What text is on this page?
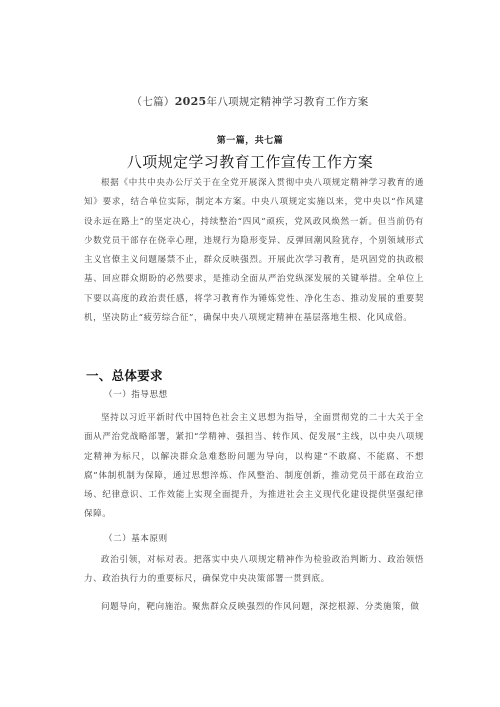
（七篇）2025年八项规定精神学习教育工作方案
第一篇，共七篇
八项规定学习教育工作宣传工作方案

根据《中共中央办公厅关于在全党开展深入贯彻中央八项规定精神学习教育的通知》要求，结合单位实际，制定本方案。中央八项规定实施以来，党中央以“作风建设永远在路上”的坚定决心，持续整治“四风”顽疾，党风政风焕然一新。但当前仍有少数党员干部存在侥幸心理，违规行为隐形变异、反弹回潮风险犹存，个别领域形式主义官僚主义问题屡禁不止，群众反映强烈。开展此次学习教育，是巩固党的执政根基、回应群众期盼的必然要求，是推动全面从严治党纵深发展的关键举措。全单位上下要以高度的政治责任感，将学习教育作为锤炼党性、净化生态、推动发展的重要契机，坚决防止“疲劳综合征”，确保中央八项规定精神在基层落地生根、化风成俗。

一、总体要求

（一）指导思想

坚持以习近平新时代中国特色社会主义思想为指导，全面贯彻党的二十大关于全面从严治党战略部署，紧扣“学精神、强担当、转作风、促发展”主线，以中央八项规定精神为标尺，以解决群众急难愁盼问题为导向，以构建“不敢腐、不能腐、不想腐”体制机制为保障，通过思想淬炼、作风整治、制度创新，推动党员干部在政治立场、纪律意识、工作效能上实现全面提升，为推进社会主义现代化建设提供坚强纪律保障。

（二）基本原则

政治引领，对标对表。把落实中央八项规定精神作为检验政治判断力、政治领悟力、政治执行力的重要标尺，确保党中央决策部署一贯到底。

问题导向，靶向施治。聚焦群众反映强烈的作风问题，深挖根源、分类施策，做
